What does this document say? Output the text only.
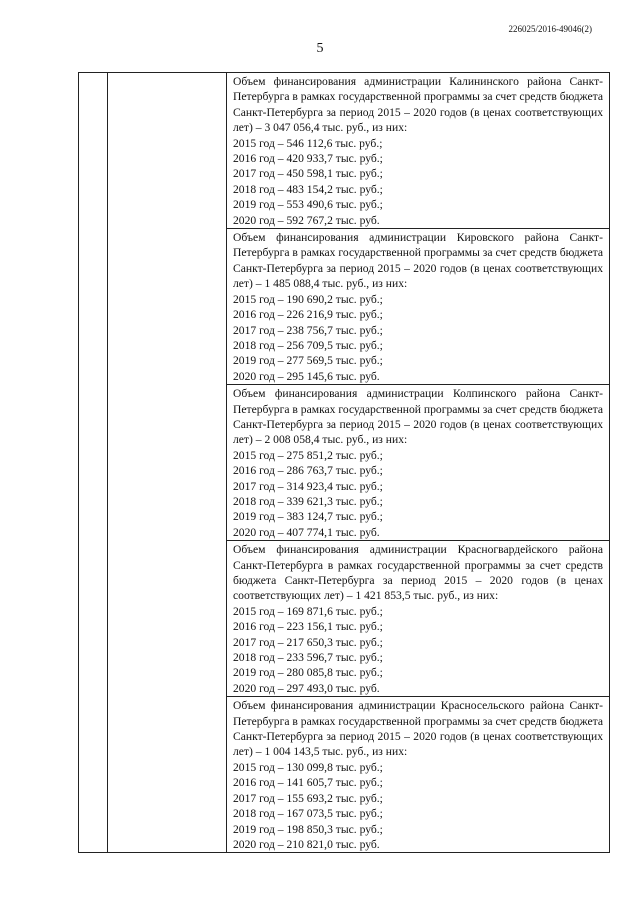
226025/2016-49046(2)
5

Объем финансирования администрации Калининского района Санкт-Петербурга в рамках государственной программы за счет средств бюджета Санкт-Петербурга за период 2015 – 2020 годов (в ценах соответствующих лет) – 3 047 056,4 тыс. руб., из них:
2015 год – 546 112,6 тыс. руб.;
2016 год – 420 933,7 тыс. руб.;
2017 год – 450 598,1 тыс. руб.;
2018 год – 483 154,2 тыс. руб.;
2019 год – 553 490,6 тыс. руб.;
2020 год – 592 767,2 тыс. руб.
Объем финансирования администрации Кировского района Санкт-Петербурга в рамках государственной программы за счет средств бюджета Санкт-Петербурга за период 2015 – 2020 годов (в ценах соответствующих лет) – 1 485 088,4 тыс. руб., из них:
2015 год – 190 690,2 тыс. руб.;
2016 год – 226 216,9 тыс. руб.;
2017 год – 238 756,7 тыс. руб.;
2018 год – 256 709,5 тыс. руб.;
2019 год – 277 569,5 тыс. руб.;
2020 год – 295 145,6 тыс. руб.
Объем финансирования администрации Колпинского района Санкт-Петербурга в рамках государственной программы за счет средств бюджета Санкт-Петербурга за период 2015 – 2020 годов (в ценах соответствующих лет) – 2 008 058,4 тыс. руб., из них:
2015 год – 275 851,2 тыс. руб.;
2016 год – 286 763,7 тыс. руб.;
2017 год – 314 923,4 тыс. руб.;
2018 год – 339 621,3 тыс. руб.;
2019 год – 383 124,7 тыс. руб.;
2020 год – 407 774,1 тыс. руб.
Объем финансирования администрации Красногвардейского района Санкт-Петербурга в рамках государственной программы за счет средств бюджета Санкт-Петербурга за период 2015 – 2020 годов (в ценах соответствующих лет) – 1 421 853,5 тыс. руб., из них:
2015 год – 169 871,6 тыс. руб.;
2016 год – 223 156,1 тыс. руб.;
2017 год – 217 650,3 тыс. руб.;
2018 год – 233 596,7 тыс. руб.;
2019 год – 280 085,8 тыс. руб.;
2020 год – 297 493,0 тыс. руб.
Объем финансирования администрации Красносельского района Санкт-Петербурга в рамках государственной программы за счет средств бюджета Санкт-Петербурга за период 2015 – 2020 годов (в ценах соответствующих лет) – 1 004 143,5 тыс. руб., из них:
2015 год – 130 099,8 тыс. руб.;
2016 год – 141 605,7 тыс. руб.;
2017 год – 155 693,2 тыс. руб.;
2018 год – 167 073,5 тыс. руб.;
2019 год – 198 850,3 тыс. руб.;
2020 год – 210 821,0 тыс. руб.
